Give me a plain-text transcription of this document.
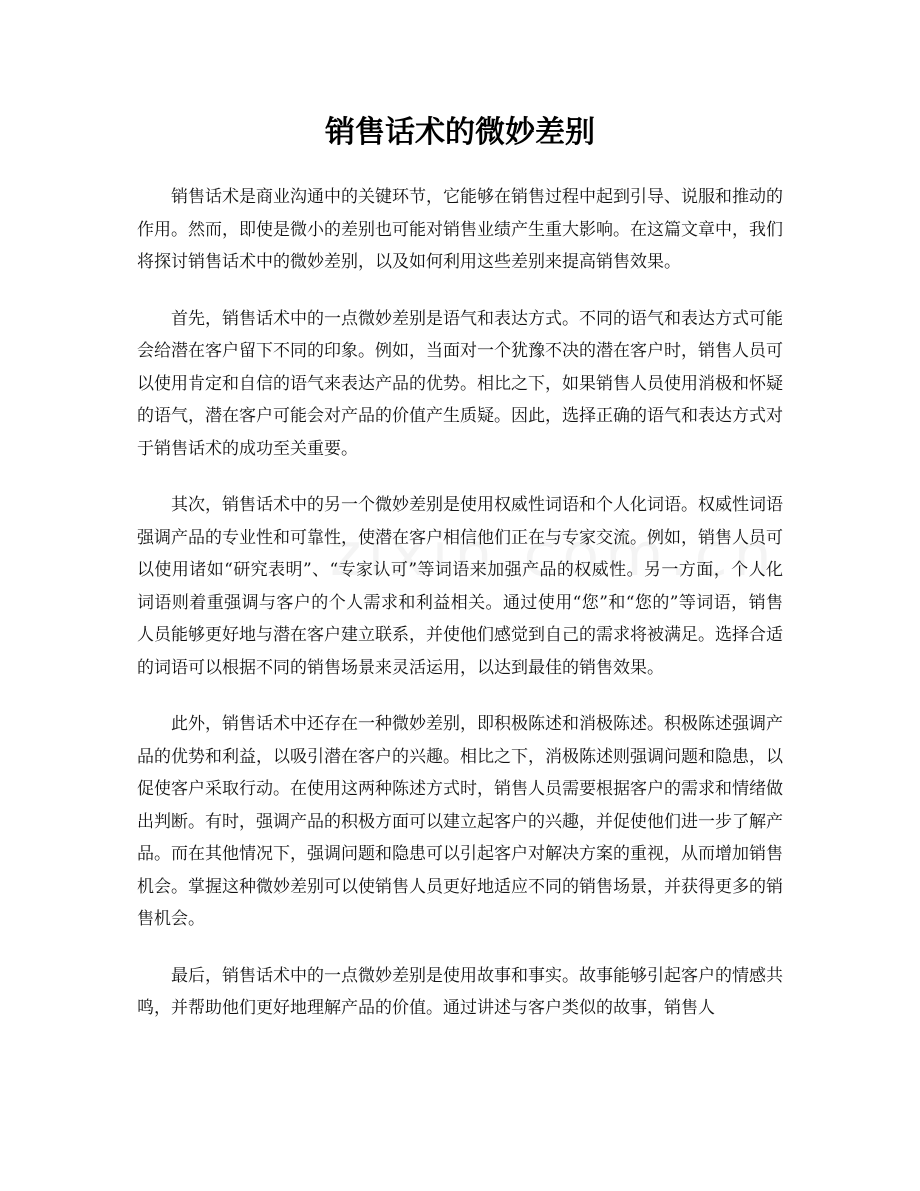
销售话术的微妙差别

销售话术是商业沟通中的关键环节，它能够在销售过程中起到引导、说服和推动的作用。然而，即使是微小的差别也可能对销售业绩产生重大影响。在这篇文章中，我们将探讨销售话术中的微妙差别，以及如何利用这些差别来提高销售效果。

首先，销售话术中的一点微妙差别是语气和表达方式。不同的语气和表达方式可能会给潜在客户留下不同的印象。例如，当面对一个犹豫不决的潜在客户时，销售人员可以使用肯定和自信的语气来表达产品的优势。相比之下，如果销售人员使用消极和怀疑的语气，潜在客户可能会对产品的价值产生质疑。因此，选择正确的语气和表达方式对于销售话术的成功至关重要。

其次，销售话术中的另一个微妙差别是使用权威性词语和个人化词语。权威性词语强调产品的专业性和可靠性，使潜在客户相信他们正在与专家交流。例如，销售人员可以使用诸如“研究表明”、“专家认可”等词语来加强产品的权威性。另一方面，个人化词语则着重强调与客户的个人需求和利益相关。通过使用“您”和“您的”等词语，销售人员能够更好地与潜在客户建立联系，并使他们感觉到自己的需求将被满足。选择合适的词语可以根据不同的销售场景来灵活运用，以达到最佳的销售效果。

此外，销售话术中还存在一种微妙差别，即积极陈述和消极陈述。积极陈述强调产品的优势和利益，以吸引潜在客户的兴趣。相比之下，消极陈述则强调问题和隐患，以促使客户采取行动。在使用这两种陈述方式时，销售人员需要根据客户的需求和情绪做出判断。有时，强调产品的积极方面可以建立起客户的兴趣，并促使他们进一步了解产品。而在其他情况下，强调问题和隐患可以引起客户对解决方案的重视，从而增加销售机会。掌握这种微妙差别可以使销售人员更好地适应不同的销售场景，并获得更多的销售机会。

最后，销售话术中的一点微妙差别是使用故事和事实。故事能够引起客户的情感共鸣，并帮助他们更好地理解产品的价值。通过讲述与客户类似的故事，销售人
